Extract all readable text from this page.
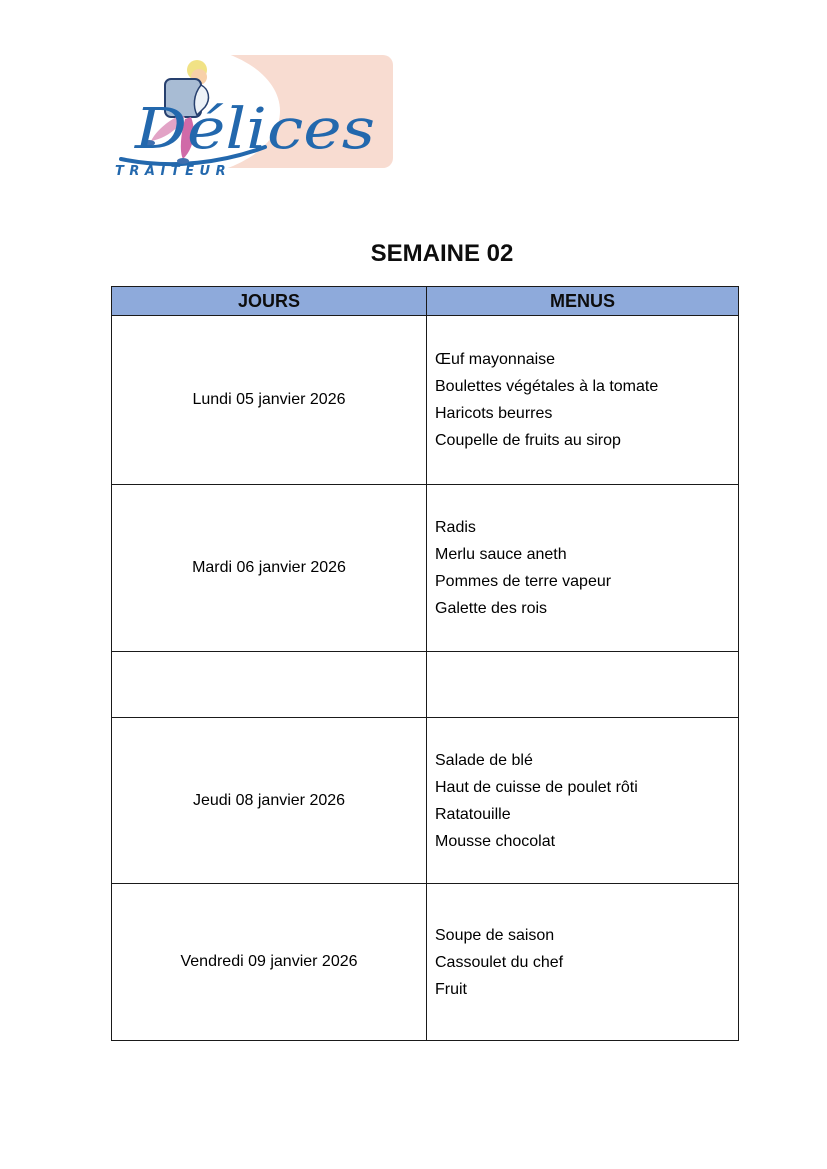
Délices
TRAITEUR
SEMAINE 02
JOURS	MENUS
Lundi 05 janvier 2026	Œuf mayonnaise
Boulettes végétales à la tomate
Haricots beurres
Coupelle de fruits au sirop

Mardi 06 janvier 2026	Radis
Merlu sauce aneth
Pommes de terre vapeur
Galette des rois

Jeudi 08 janvier 2026	Salade de blé
Haut de cuisse de poulet rôti
Ratatouille
Mousse chocolat

Vendredi 09 janvier 2026	Soupe de saison
Cassoulet du chef
Fruit
